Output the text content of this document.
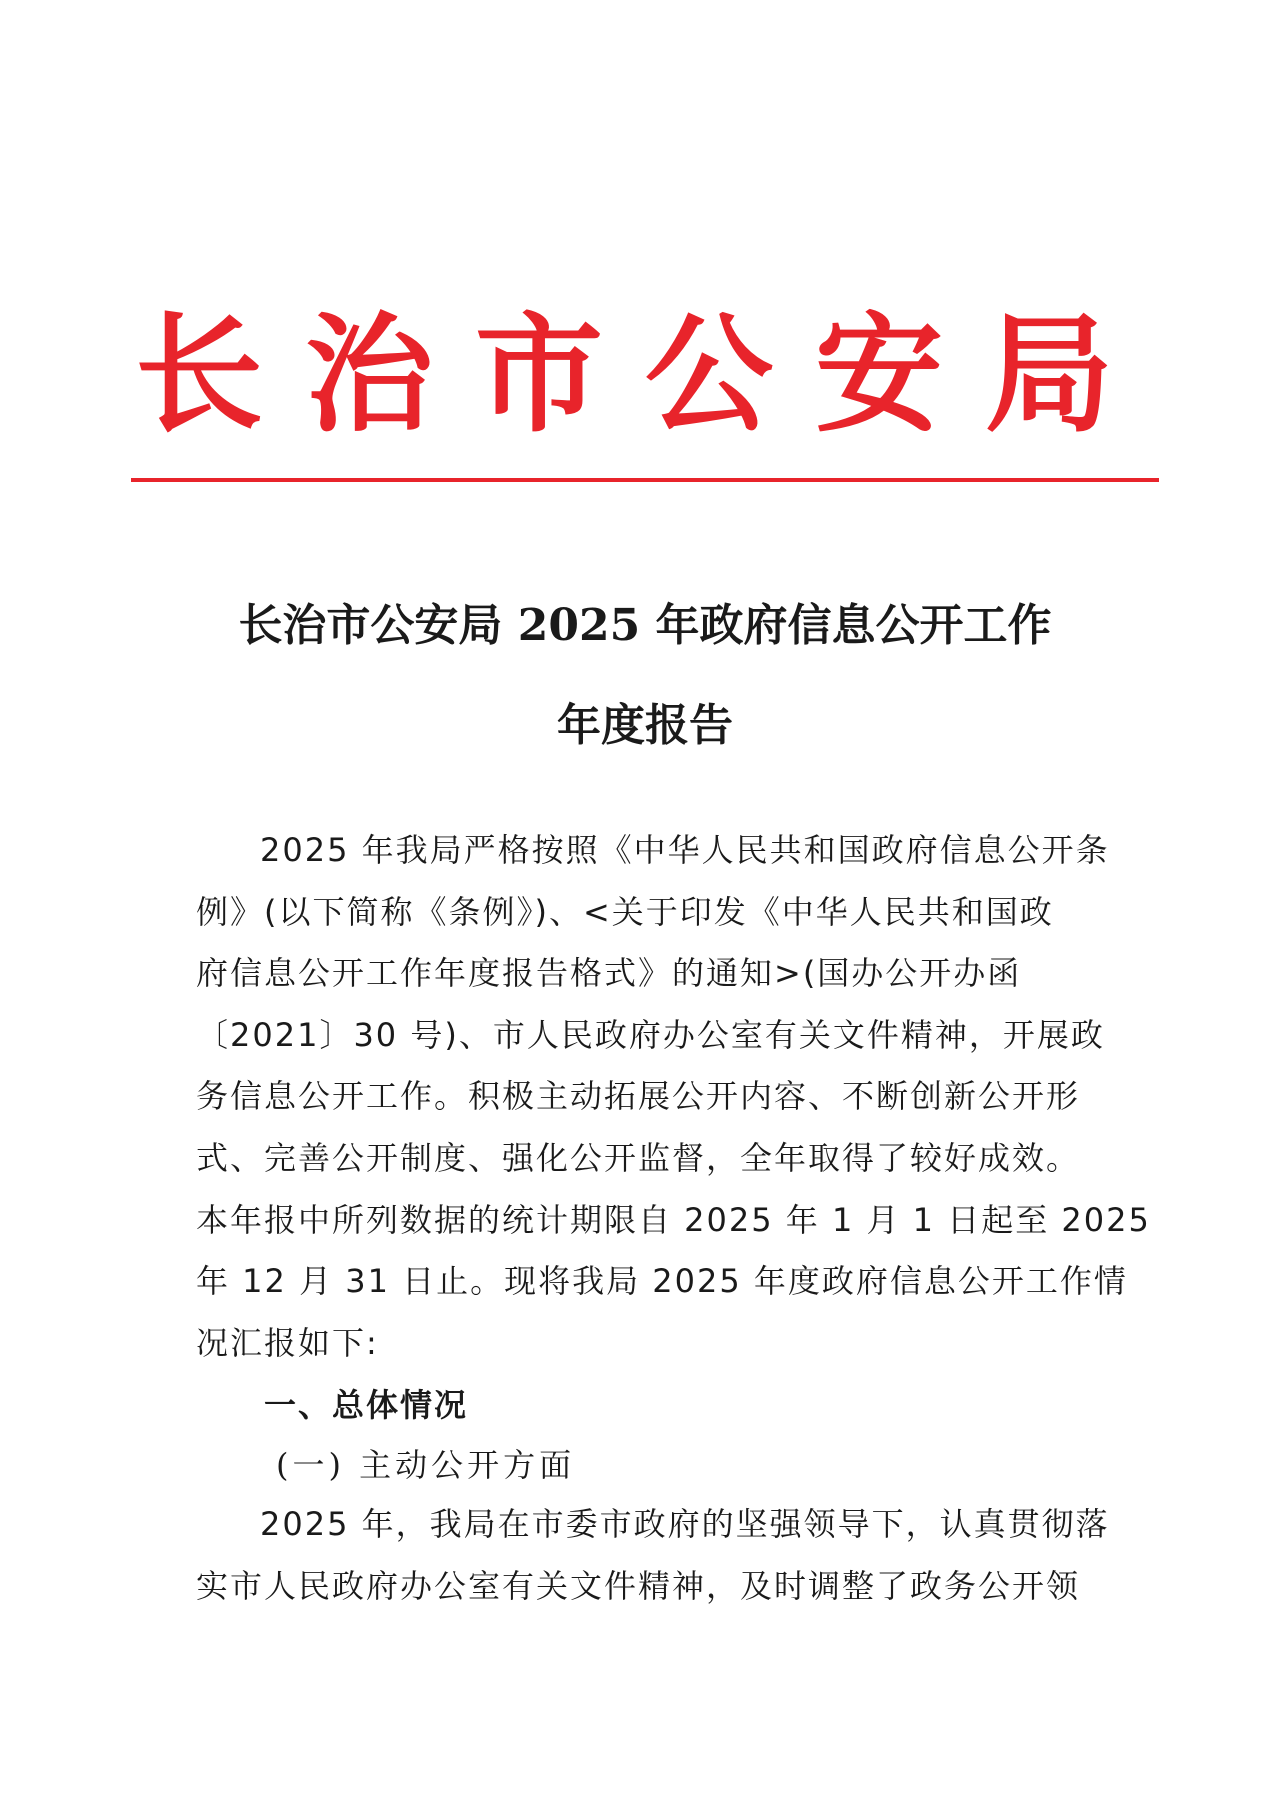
长治市公安局
长治市公安局 2025 年政府信息公开工作
年度报告
2025 年我局严格按照《中华人民共和国政府信息公开条
例》(以下简称《条例》)、<关于印发《中华人民共和国政
府信息公开工作年度报告格式》的通知>(国办公开办函
〔2021〕30 号)、市人民政府办公室有关文件精神，开展政
务信息公开工作。积极主动拓展公开内容、不断创新公开形
式、完善公开制度、强化公开监督，全年取得了较好成效。
本年报中所列数据的统计期限自 2025 年 1 月 1 日起至 2025
年 12 月 31 日止。现将我局 2025 年度政府信息公开工作情
况汇报如下:
一、总体情况
(一) 主动公开方面
2025 年，我局在市委市政府的坚强领导下，认真贯彻落
实市人民政府办公室有关文件精神，及时调整了政务公开领
